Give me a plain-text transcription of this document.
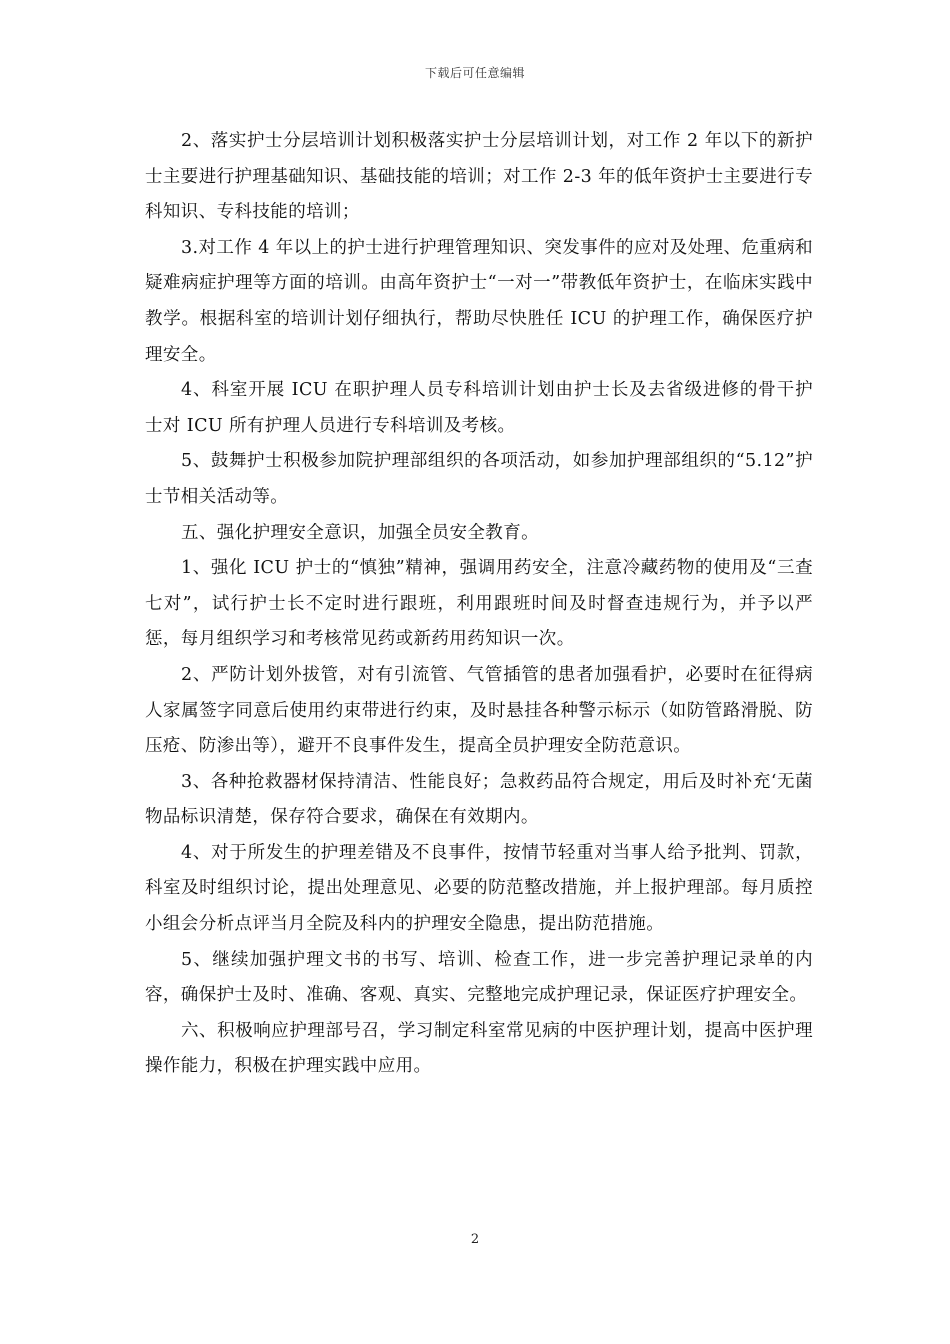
下载后可任意编辑

2、落实护士分层培训计划积极落实护士分层培训计划，对工作 2 年以下的新护士主要进行护理基础知识、基础技能的培训；对工作 2-3 年的低年资护士主要进行专科知识、专科技能的培训；

3.对工作 4 年以上的护士进行护理管理知识、突发事件的应对及处理、危重病和疑难病症护理等方面的培训。由高年资护士“一对一”带教低年资护士，在临床实践中教学。根据科室的培训计划仔细执行，帮助尽快胜任 ICU 的护理工作，确保医疗护理安全。

4、科室开展 ICU 在职护理人员专科培训计划由护士长及去省级进修的骨干护士对 ICU 所有护理人员进行专科培训及考核。

5、鼓舞护士积极参加院护理部组织的各项活动，如参加护理部组织的“5.12”护士节相关活动等。

五、强化护理安全意识，加强全员安全教育。

1、强化 ICU 护士的“慎独”精神，强调用药安全，注意冷藏药物的使用及“三查七对”，试行护士长不定时进行跟班，利用跟班时间及时督查违规行为，并予以严惩，每月组织学习和考核常见药或新药用药知识一次。

2、严防计划外拔管，对有引流管、气管插管的患者加强看护，必要时在征得病人家属签字同意后使用约束带进行约束，及时悬挂各种警示标示（如防管路滑脱、防压疮、防渗出等），避开不良事件发生，提高全员护理安全防范意识。

3、各种抢救器材保持清洁、性能良好；急救药品符合规定，用后及时补充‘无菌物品标识清楚，保存符合要求，确保在有效期内。

4、对于所发生的护理差错及不良事件，按情节轻重对当事人给予批判、罚款，科室及时组织讨论，提出处理意见、必要的防范整改措施，并上报护理部。每月质控小组会分析点评当月全院及科内的护理安全隐患，提出防范措施。

5、继续加强护理文书的书写、培训、检查工作，进一步完善护理记录单的内容，确保护士及时、准确、客观、真实、完整地完成护理记录，保证医疗护理安全。

六、积极响应护理部号召，学习制定科室常见病的中医护理计划，提高中医护理操作能力，积极在护理实践中应用。

2
